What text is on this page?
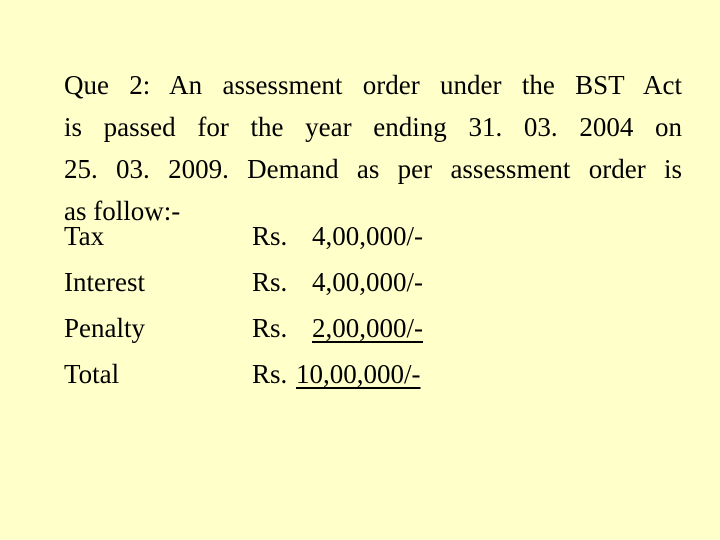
Que 2: An assessment order under the BST Act
is passed for the year ending 31. 03. 2004 on
25. 03. 2009. Demand as per assessment order is
as follow:-
Tax	Rs. 4,00,000/-
Interest	Rs. 4,00,000/-
Penalty	Rs. 2,00,000/-
Total	Rs. 10,00,000/-
